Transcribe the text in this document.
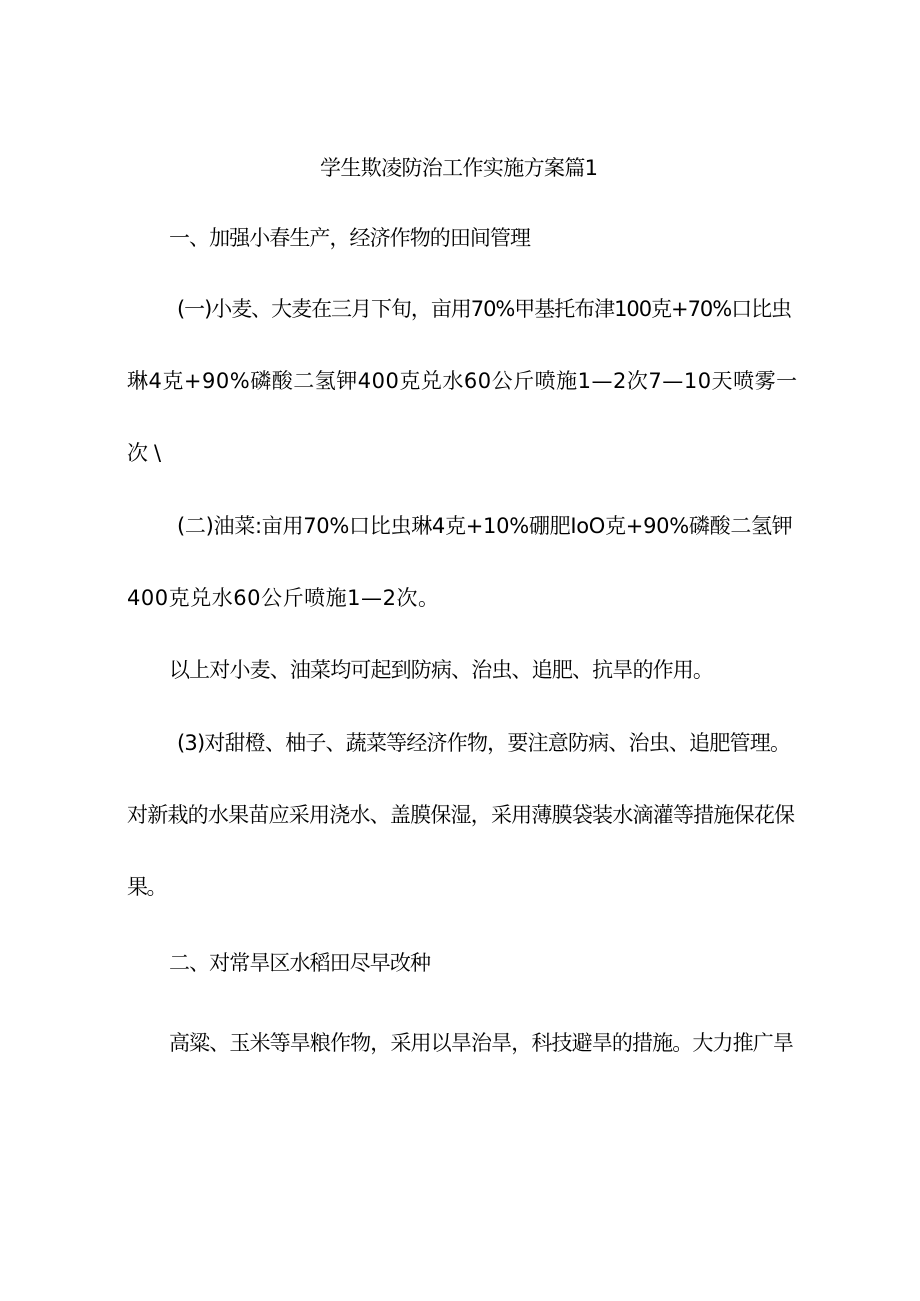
学生欺凌防治工作实施方案篇1
一、加强小春生产，经济作物的田间管理
(一)小麦、大麦在三月下旬，亩用70%甲基托布津100克+70%口比虫
琳4克+90%磷酸二氢钾400克兑水60公斤喷施1—2次7—10天喷雾一
次\
(二)油菜:亩用70%口比虫琳4克+10%硼肥IoO克+90%磷酸二氢钾
400克兑水60公斤喷施1—2次。
以上对小麦、油菜均可起到防病、治虫、追肥、抗旱的作用。
(3)对甜橙、柚子、蔬菜等经济作物，要注意防病、治虫、追肥管理。
对新栽的水果苗应采用浇水、盖膜保湿，采用薄膜袋装水滴灌等措施保花保
果。
二、对常旱区水稻田尽早改种
高粱、玉米等旱粮作物，采用以旱治旱，科技避旱的措施。大力推广旱
